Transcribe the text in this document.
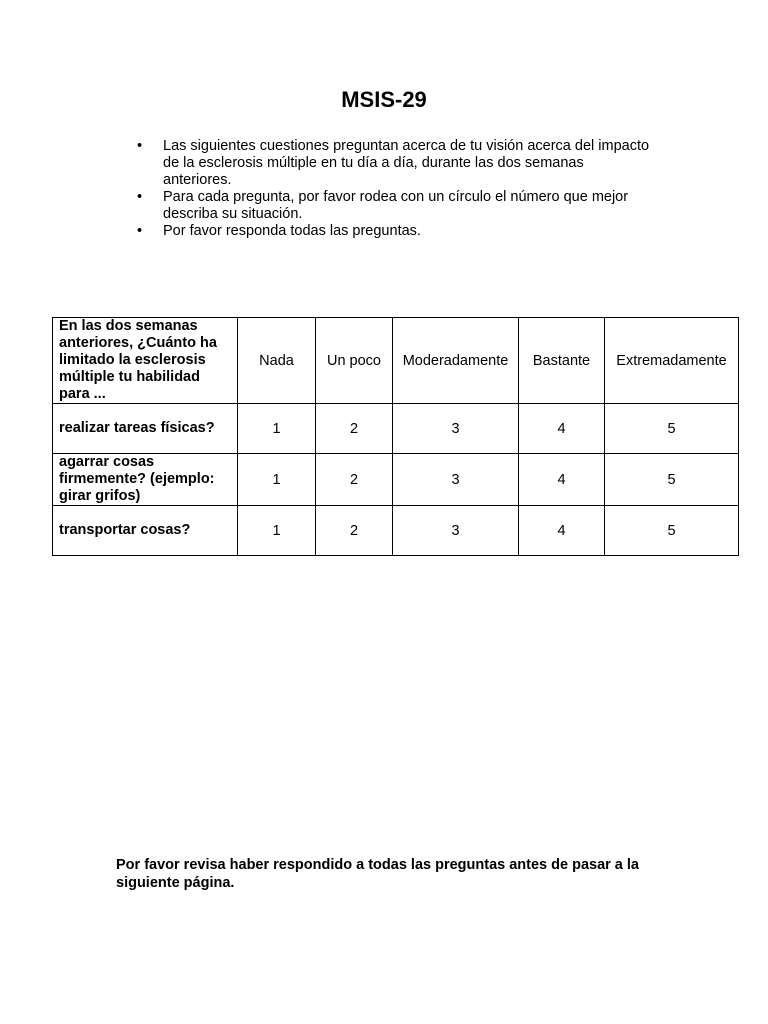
MSIS-29
• Las siguientes cuestiones preguntan acerca de tu visión acerca del impacto de la esclerosis múltiple en tu día a día, durante las dos semanas anteriores.
• Para cada pregunta, por favor rodea con un círculo el número que mejor describa su situación.
• Por favor responda todas las preguntas.
En las dos semanas anteriores, ¿Cuánto ha limitado la esclerosis múltiple tu habilidad para ...	Nada	Un poco	Moderadamente	Bastante	Extremadamente
realizar tareas físicas?	1	2	3	4	5
agarrar cosas firmemente? (ejemplo: girar grifos)	1	2	3	4	5
transportar cosas?	1	2	3	4	5

Por favor revisa haber respondido a todas las preguntas antes de pasar a la siguiente página.
